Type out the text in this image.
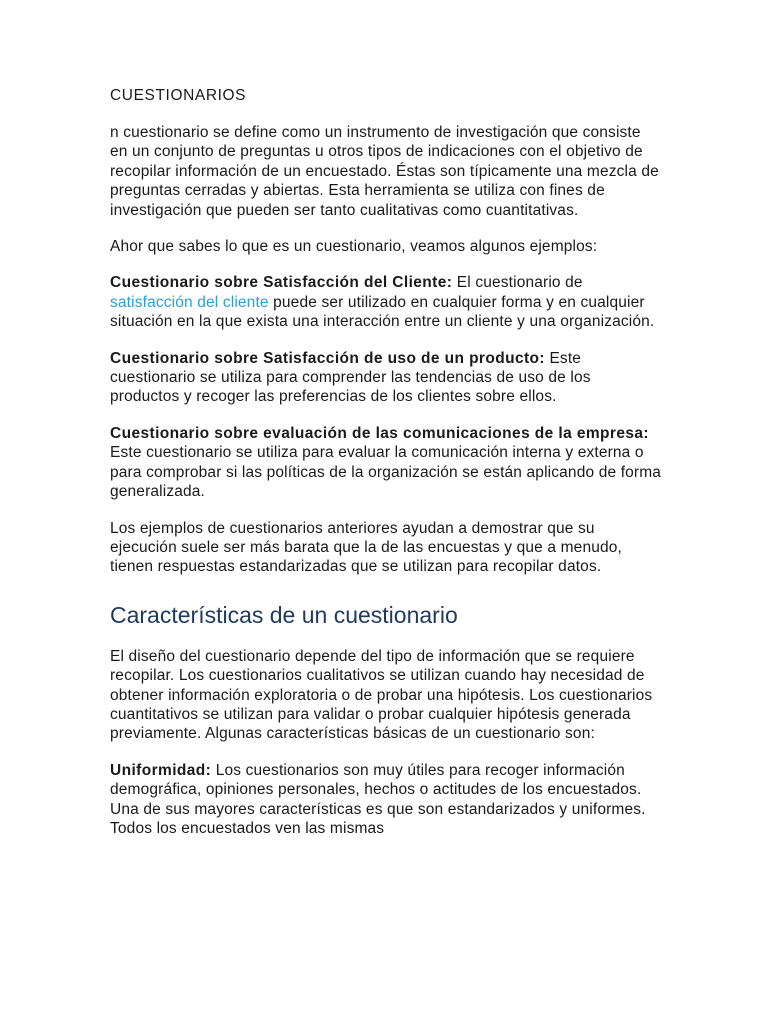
CUESTIONARIOS

n cuestionario se define como un instrumento de investigación que consiste en un conjunto de preguntas u otros tipos de indicaciones con el objetivo de recopilar información de un encuestado. Éstas son típicamente una mezcla de preguntas cerradas y abiertas. Esta herramienta se utiliza con fines de investigación que pueden ser tanto cualitativas como cuantitativas.

Ahor que sabes lo que es un cuestionario, veamos algunos ejemplos:

Cuestionario sobre Satisfacción del Cliente: El cuestionario de satisfacción del cliente puede ser utilizado en cualquier forma y en cualquier situación en la que exista una interacción entre un cliente y una organización.

Cuestionario sobre Satisfacción de uso de un producto: Este cuestionario se utiliza para comprender las tendencias de uso de los productos y recoger las preferencias de los clientes sobre ellos.

Cuestionario sobre evaluación de las comunicaciones de la empresa: Este cuestionario se utiliza para evaluar la comunicación interna y externa o para comprobar si las políticas de la organización se están aplicando de forma generalizada.

Los ejemplos de cuestionarios anteriores ayudan a demostrar que su ejecución suele ser más barata que la de las encuestas y que a menudo, tienen respuestas estandarizadas que se utilizan para recopilar datos.

Características de un cuestionario

El diseño del cuestionario depende del tipo de información que se requiere recopilar. Los cuestionarios cualitativos se utilizan cuando hay necesidad de obtener información exploratoria o de probar una hipótesis. Los cuestionarios cuantitativos se utilizan para validar o probar cualquier hipótesis generada previamente. Algunas características básicas de un cuestionario son:

Uniformidad: Los cuestionarios son muy útiles para recoger información demográfica, opiniones personales, hechos o actitudes de los encuestados. Una de sus mayores características es que son estandarizados y uniformes. Todos los encuestados ven las mismas
